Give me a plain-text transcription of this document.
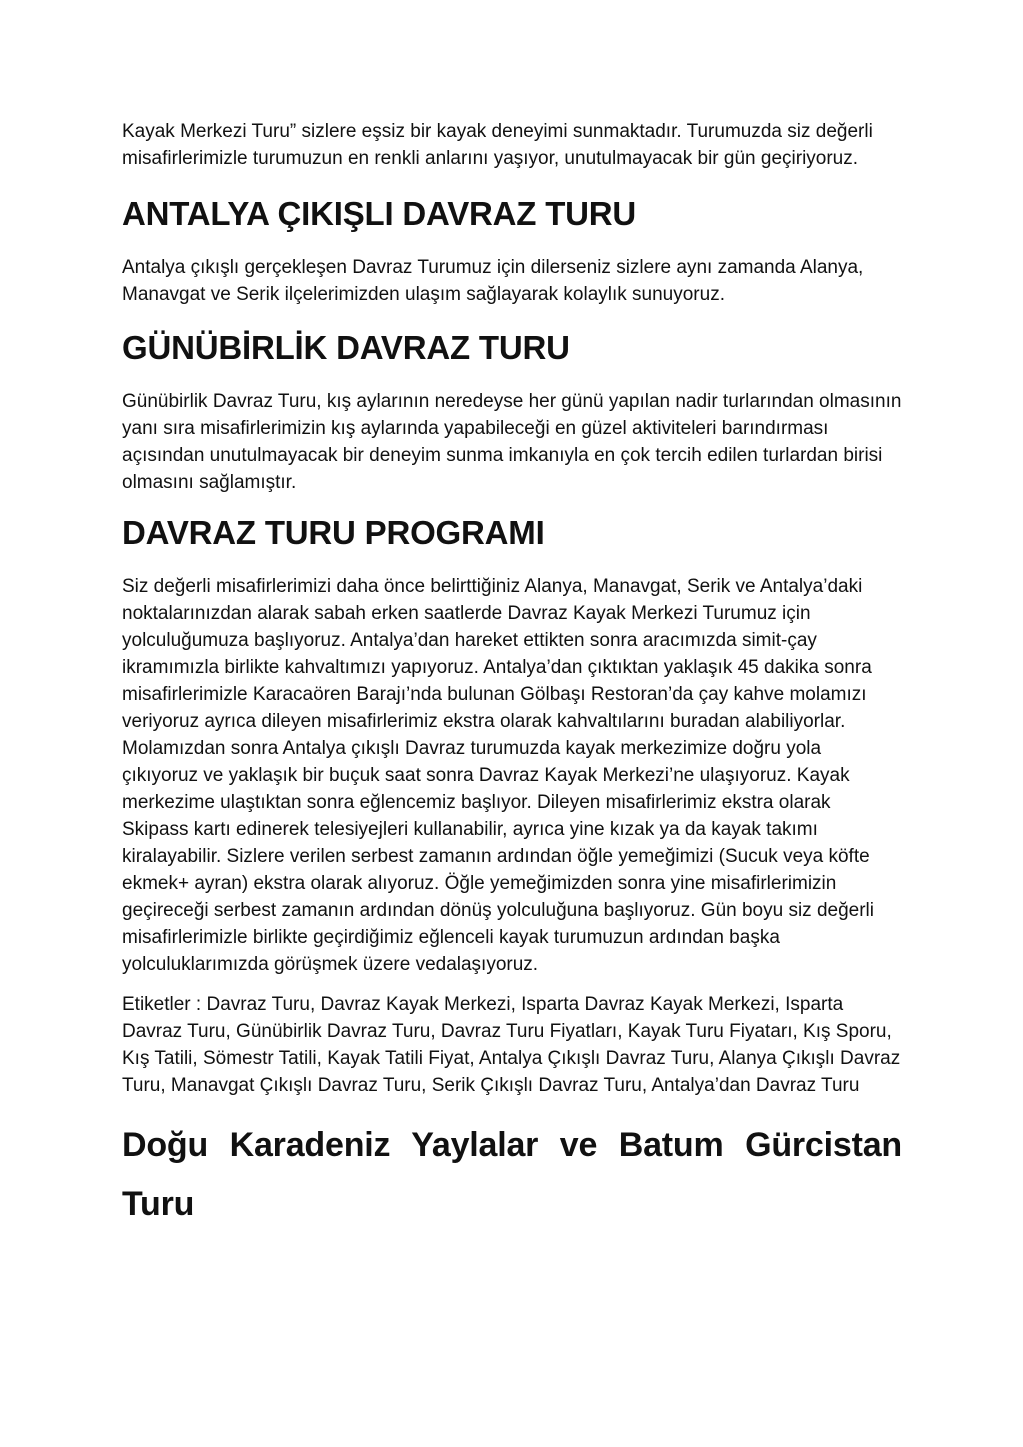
Kayak Merkezi Turu” sizlere eşsiz bir kayak deneyimi sunmaktadır. Turumuzda siz değerli misafirlerimizle turumuzun en renkli anlarını yaşıyor, unutulmayacak bir gün geçiriyoruz.

ANTALYA ÇIKIŞLI DAVRAZ TURU

Antalya çıkışlı gerçekleşen Davraz Turumuz için dilerseniz sizlere aynı zamanda Alanya, Manavgat ve Serik ilçelerimizden ulaşım sağlayarak kolaylık sunuyoruz.

GÜNÜBİRLİK DAVRAZ TURU

Günübirlik Davraz Turu, kış aylarının neredeyse her günü yapılan nadir turlarından olmasının yanı sıra misafirlerimizin kış aylarında yapabileceği en güzel aktiviteleri barındırması açısından unutulmayacak bir deneyim sunma imkanıyla en çok tercih edilen turlardan birisi olmasını sağlamıştır.

DAVRAZ TURU PROGRAMI

Siz değerli misafirlerimizi daha önce belirttiğiniz Alanya, Manavgat, Serik ve Antalya’daki noktalarınızdan alarak sabah erken saatlerde Davraz Kayak Merkezi Turumuz için yolculuğumuza başlıyoruz. Antalya’dan hareket ettikten sonra aracımızda simit-çay ikramımızla birlikte kahvaltımızı yapıyoruz. Antalya’dan çıktıktan yaklaşık 45 dakika sonra misafirlerimizle Karacaören Barajı’nda bulunan Gölbaşı Restoran’da çay kahve molamızı veriyoruz ayrıca dileyen misafirlerimiz ekstra olarak kahvaltılarını buradan alabiliyorlar. Molamızdan sonra Antalya çıkışlı Davraz turumuzda kayak merkezimize doğru yola çıkıyoruz ve yaklaşık bir buçuk saat sonra Davraz Kayak Merkezi’ne ulaşıyoruz. Kayak merkezime ulaştıktan sonra eğlencemiz başlıyor. Dileyen misafirlerimiz ekstra olarak Skipass kartı edinerek telesiyejleri kullanabilir, ayrıca yine kızak ya da kayak takımı kiralayabilir. Sizlere verilen serbest zamanın ardından öğle yemeğimizi (Sucuk veya köfte ekmek+ ayran) ekstra olarak alıyoruz. Öğle yemeğimizden sonra yine misafirlerimizin geçireceği serbest zamanın ardından dönüş yolculuğuna başlıyoruz. Gün boyu siz değerli misafirlerimizle birlikte geçirdiğimiz eğlenceli kayak turumuzun ardından başka yolculuklarımızda görüşmek üzere vedalaşıyoruz.

Etiketler : Davraz Turu, Davraz Kayak Merkezi, Isparta Davraz Kayak Merkezi, Isparta Davraz Turu, Günübirlik Davraz Turu, Davraz Turu Fiyatları, Kayak Turu Fiyatarı, Kış Sporu, Kış Tatili, Sömestr Tatili, Kayak Tatili Fiyat, Antalya Çıkışlı Davraz Turu, Alanya Çıkışlı Davraz Turu, Manavgat Çıkışlı Davraz Turu, Serik Çıkışlı Davraz Turu, Antalya’dan Davraz Turu

Doğu Karadeniz Yaylalar ve Batum Gürcistan Turu
